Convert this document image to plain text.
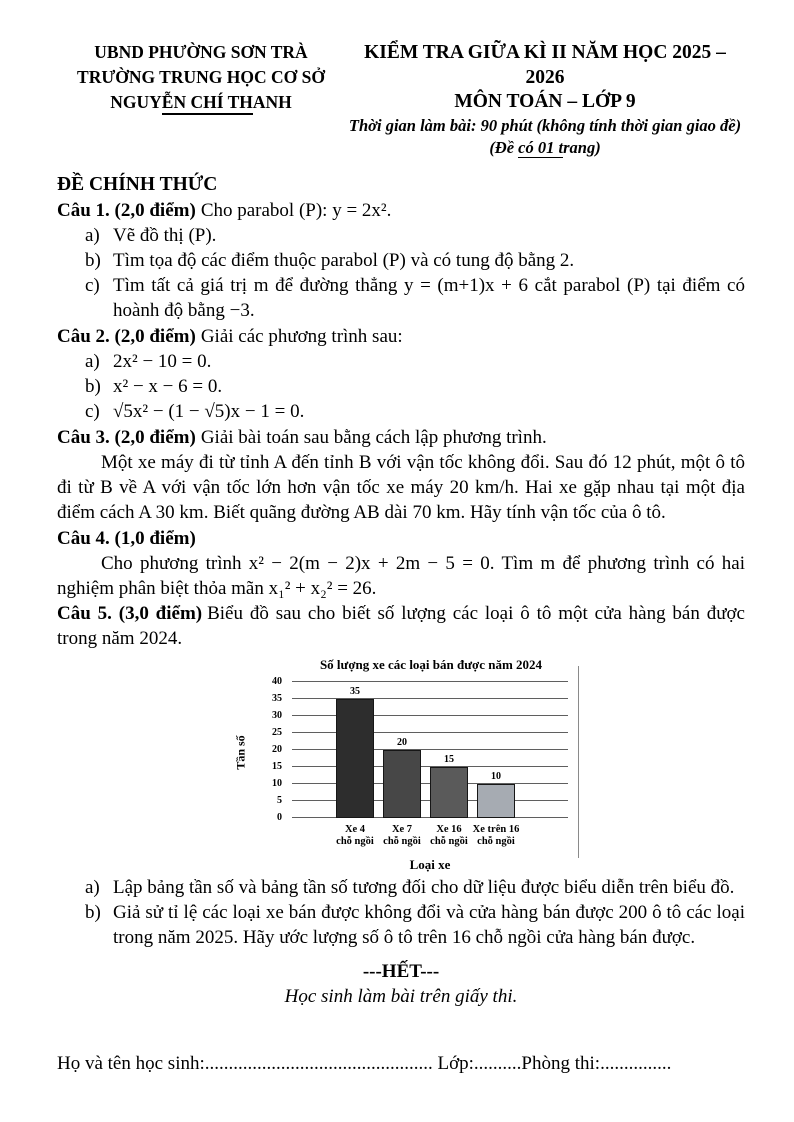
UBND PHƯỜNG SƠN TRÀ
TRƯỜNG TRUNG HỌC CƠ SỞ
NGUYỄN CHÍ THANH
KIỂM TRA GIỮA KÌ II NĂM HỌC 2025 – 2026
MÔN TOÁN – LỚP 9
Thời gian làm bài: 90 phút (không tính thời gian giao đề)
(Đề có 01 trang)
ĐỀ CHÍNH THỨC
Câu 1. (2,0 điểm) Cho parabol (P): y = 2x².
a) Vẽ đồ thị (P).
b) Tìm tọa độ các điểm thuộc parabol (P) và có tung độ bằng 2.
c) Tìm tất cả giá trị m để đường thẳng y = (m+1)x + 6 cắt parabol (P) tại điểm có hoành độ bằng −3.
Câu 2. (2,0 điểm) Giải các phương trình sau:
a) 2x² − 10 = 0.
b) x² − x − 6 = 0.
c) √5x² − (1 − √5)x − 1 = 0.
Câu 3. (2,0 điểm) Giải bài toán sau bằng cách lập phương trình.

Một xe máy đi từ tỉnh A đến tỉnh B với vận tốc không đổi. Sau đó 12 phút, một ô tô đi từ B về A với vận tốc lớn hơn vận tốc xe máy 20 km/h. Hai xe gặp nhau tại một địa điểm cách A 30 km. Biết quãng đường AB dài 70 km. Hãy tính vận tốc của ô tô.

Câu 4. (1,0 điểm)

Cho phương trình x² − 2(m − 2)x + 2m − 5 = 0. Tìm m để phương trình có hai nghiệm phân biệt thỏa mãn x₁² + x₂² = 26.

Câu 5. (3,0 điểm) Biểu đồ sau cho biết số lượng các loại ô tô một cửa hàng bán được trong năm 2024.
Số lượng xe các loại bán được năm 2024
Tần số
0
5
10
15
20
25
30
35
40
35
20
15
10
Xe 4
chỗ ngồi
Xe 7
chỗ ngồi
Xe 16
chỗ ngồi
Xe trên 16
chỗ ngồi
Loại xe
a) Lập bảng tần số và bảng tần số tương đối cho dữ liệu được biểu diễn trên biểu đồ.
b) Giả sử tỉ lệ các loại xe bán được không đổi và cửa hàng bán được 200 ô tô các loại trong năm 2025. Hãy ước lượng số ô tô trên 16 chỗ ngồi cửa hàng bán được.
---HẾT---
Học sinh làm bài trên giấy thi.
Họ và tên học sinh:................................................ Lớp:..........Phòng thi:...............
